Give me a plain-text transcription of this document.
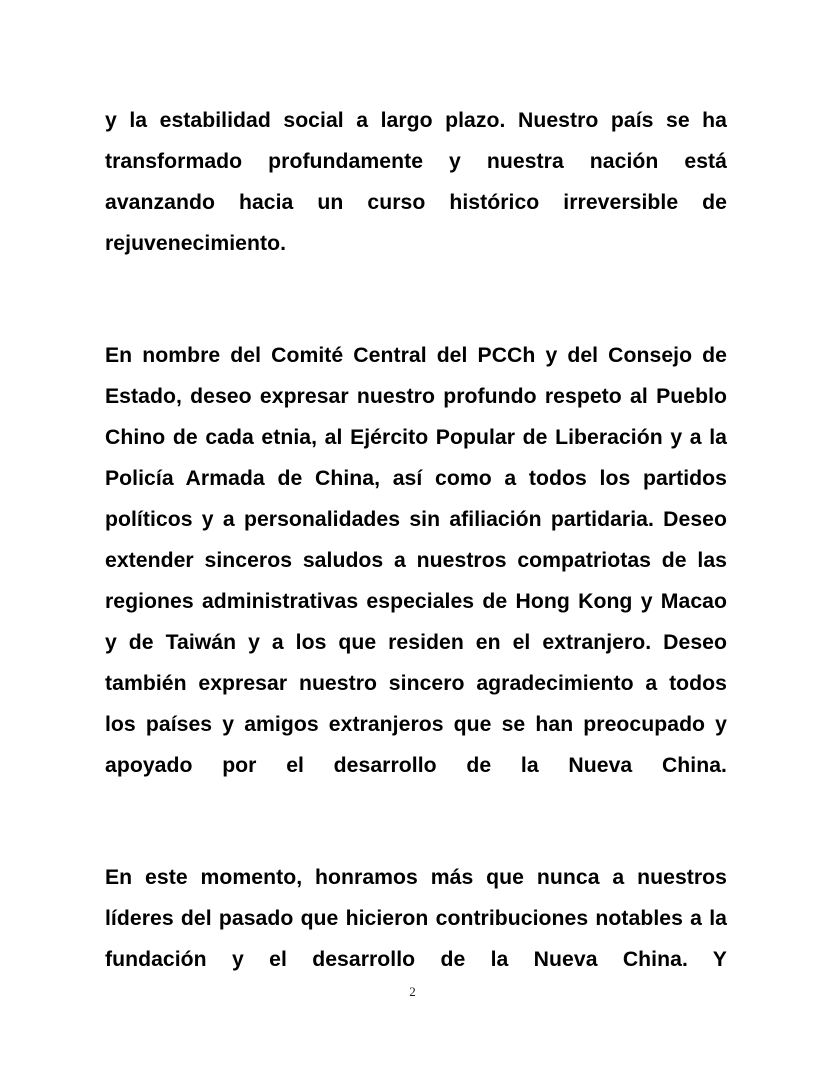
y la estabilidad social a largo plazo. Nuestro país se ha transformado profundamente y nuestra nación está avanzando hacia un curso histórico irreversible de rejuvenecimiento.

En nombre del Comité Central del PCCh y del Consejo de Estado, deseo expresar nuestro profundo respeto al Pueblo Chino de cada etnia, al Ejército Popular de Liberación y a la Policía Armada de China, así como a todos los partidos políticos y a personalidades sin afiliación partidaria. Deseo extender sinceros saludos a nuestros compatriotas de las regiones administrativas especiales de Hong Kong y Macao y de Taiwán y a los que residen en el extranjero. Deseo también expresar nuestro sincero agradecimiento a todos los países y amigos extranjeros que se han preocupado y apoyado por el desarrollo de la Nueva China.

En este momento, honramos más que nunca a nuestros líderes del pasado que hicieron contribuciones notables a la fundación y el desarrollo de la Nueva China. Y

2
